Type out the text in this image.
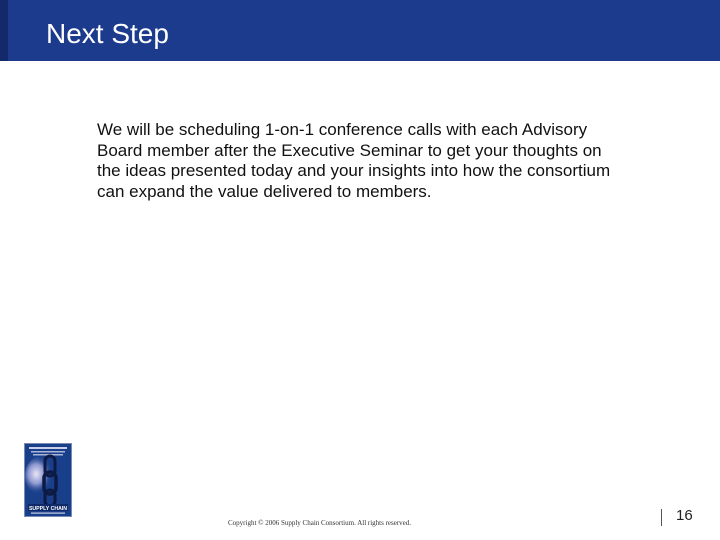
Next Step
We will be scheduling 1-on-1 conference calls with each Advisory Board member after the Executive Seminar to get your thoughts on the ideas presented today and your insights into how the consortium can expand the value delivered to members.
SUPPLY CHAIN
Copyright © 2006 Supply Chain Consortium. All rights reserved.	16
